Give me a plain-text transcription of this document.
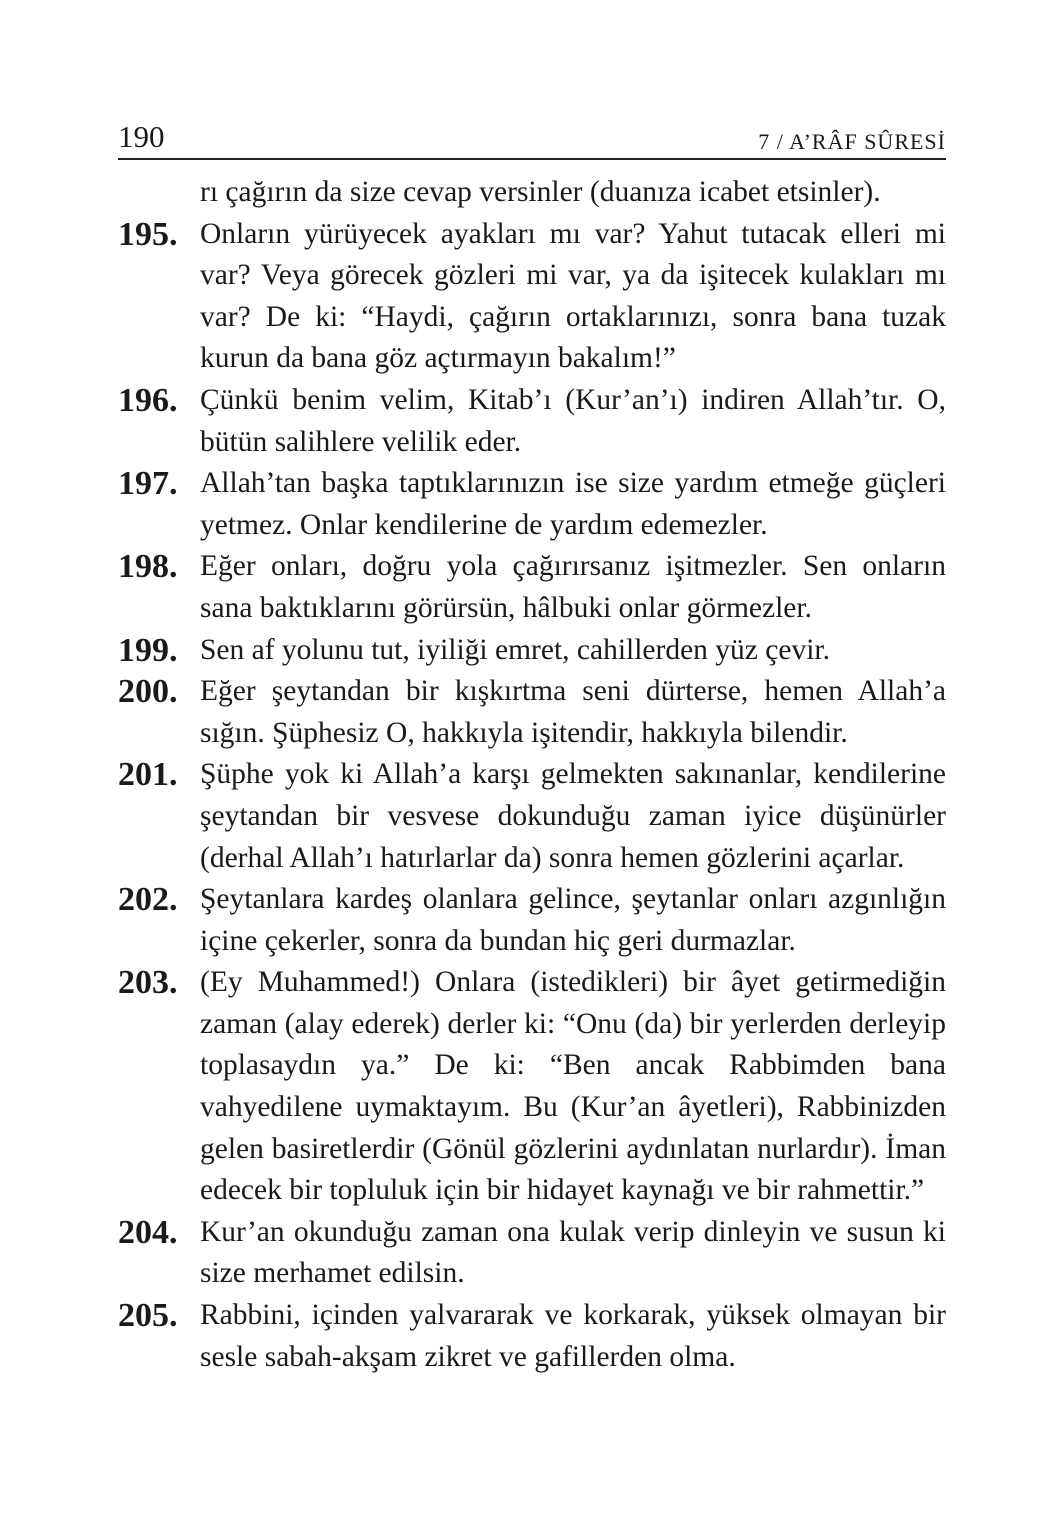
190	7 / A’RÂF SÛRESİ
rı çağırın da size cevap versinler (duanıza icabet etsinler).
195. Onların yürüyecek ayakları mı var? Yahut tutacak elleri mi var? Veya görecek gözleri mi var, ya da işitecek kulakları mı var? De ki: “Haydi, çağırın ortaklarınızı, sonra bana tuzak kurun da bana göz açtırmayın bakalım!”
196. Çünkü benim velim, Kitab’ı (Kur’an’ı) indiren Allah’tır. O, bütün salihlere velilik eder.
197. Allah’tan başka taptıklarınızın ise size yardım etmeğe güçleri yetmez. Onlar kendilerine de yardım edemezler.
198. Eğer onları, doğru yola çağırırsanız işitmezler. Sen onların sana baktıklarını görürsün, hâlbuki onlar görmezler.
199. Sen af yolunu tut, iyiliği emret, cahillerden yüz çevir.
200. Eğer şeytandan bir kışkırtma seni dürterse, hemen Allah’a sığın. Şüphesiz O, hakkıyla işitendir, hakkıyla bilendir.
201. Şüphe yok ki Allah’a karşı gelmekten sakınanlar, kendilerine şeytandan bir vesvese dokunduğu zaman iyice düşünürler (derhal Allah’ı hatırlarlar da) sonra hemen gözlerini açarlar.
202. Şeytanlara kardeş olanlara gelince, şeytanlar onları azgınlığın içine çekerler, sonra da bundan hiç geri durmazlar.
203. (Ey Muhammed!) Onlara (istedikleri) bir âyet getirmediğin zaman (alay ederek) derler ki: “Onu (da) bir yerlerden derleyip toplasaydın ya.” De ki: “Ben ancak Rabbimden bana vahyedilene uymaktayım. Bu (Kur’an âyetleri), Rabbinizden gelen basiretlerdir (Gönül gözlerini aydınlatan nurlardır). İman edecek bir topluluk için bir hidayet kaynağı ve bir rahmettir.”
204. Kur’an okunduğu zaman ona kulak verip dinleyin ve susun ki size merhamet edilsin.
205. Rabbini, içinden yalvararak ve korkarak, yüksek olmayan bir sesle sabah-akşam zikret ve gafillerden olma.
